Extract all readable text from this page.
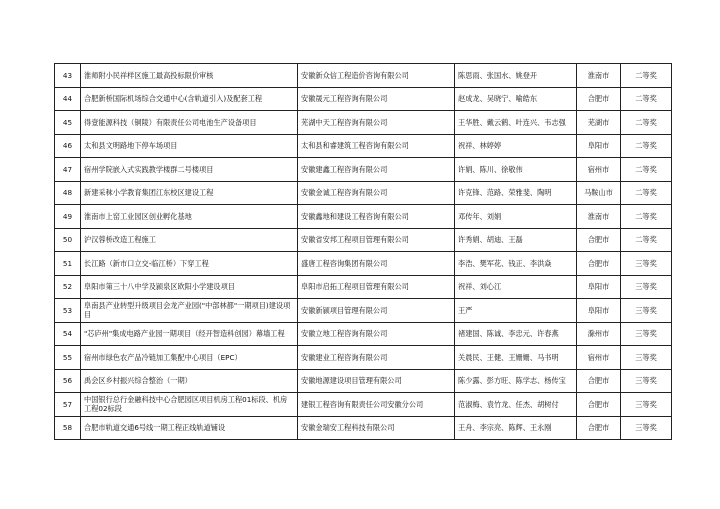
43	淮师附小民祥样区施工最高投标限价审核	安徽新众信工程造价咨询有限公司	陈思雨、张国水、姚登开	淮南市	二等奖
44	合肥新桥国际机场综合交通中心(含轨道引入)及配套工程	安徽晟元工程咨询有限公司	赵成龙、吴晓宁、喻皓东	合肥市	二等奖
45	得壹能源科技（铜陵）有限责任公司电池生产设备项目	芜湖中天工程咨询有限公司	王华胜、戴云鹤、叶连兴、韦志强	芜湖市	二等奖
46	太和县文明路地下停车场项目	太和县和睿建筑工程咨询有限公司	祝祥、林婷婷	阜阳市	二等奖
47	宿州学院嵌入式实践教学楼群二号楼项目	安徽建鑫工程咨询有限公司	许娟、陈川、徐敬伟	宿州市	二等奖
48	新建采秣小学教育集团江东校区建设工程	安徽金诚工程咨询有限公司	许克锋、范路、荣雅斐、陶明	马鞍山市	二等奖
49	淮南市上窑工业园区创业孵化基地	安徽鑫地和建设工程咨询有限公司	邓传年、刘娟	淮南市	二等奖
50	沪汉蓉桥改造工程施工	安徽省安邦工程项目管理有限公司	许秀娟、胡迪、王磊	合肥市	二等奖
51	长江路（新市口立交-临江桥）下穿工程	盛唐工程咨询集团有限公司	李浩、樊军花、钱正、李洪焱	合肥市	三等奖
52	阜阳市第三十八中学及颍泉区欧阳小学建设项目	阜阳市启拓工程项目管理有限公司	祝祥、刘心江	阜阳市	三等奖
53	阜南县产业转型升级项目会龙产业园("中部林都"一期项目)建设项目	安徽新颍项目管理有限公司	王严	阜阳市	三等奖
54	"芯庐州"集成电路产业园一期项目（经开智造科创园）幕墙工程	安徽立地工程咨询有限公司	褚建国、陈诚、李忠元、许春燕	滁州市	三等奖
55	宿州市绿色农产品冷链加工集配中心项目（EPC）	安徽建业工程咨询有限公司	关晨民、王健、王姗姗、马书明	宿州市	三等奖
56	禹会区乡村振兴综合整治（一期）	安徽地源建设项目管理有限公司	陈少露、彭方旺、陈学志、杨传宝	合肥市	三等奖
57	中国银行总行金融科技中心合肥园区项目机房工程01标段、机房工程02标段	建银工程咨询有限责任公司安徽分公司	范淑梅、袁竹龙、任杰、胡树付	合肥市	三等奖
58	合肥市轨道交通6号线一期工程正线轨道铺设	安徽金瑞安工程科技有限公司	王舟、李宗亮、陈辉、王永刚	合肥市	三等奖
